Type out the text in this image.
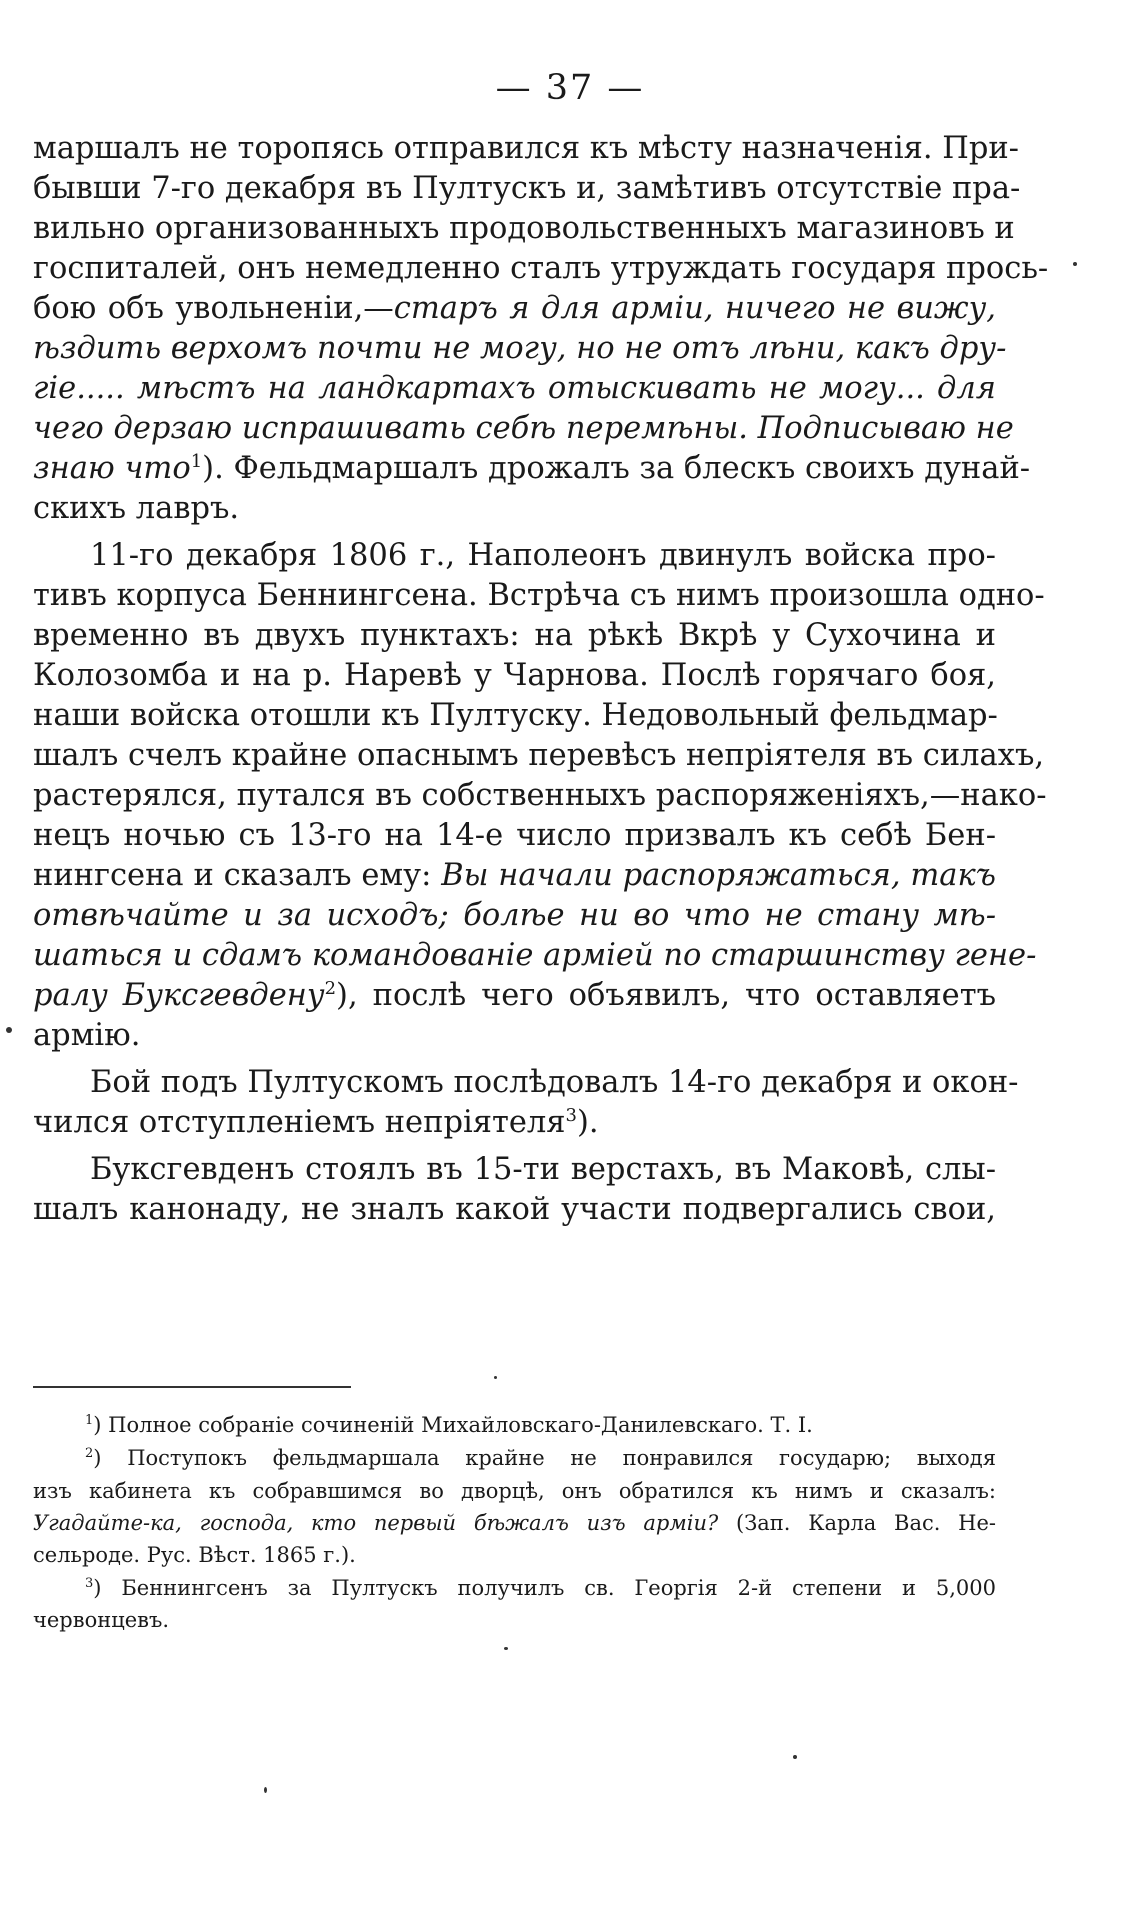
— 37 —
маршалъ не торопясь отправился къ мѣсту назначенія. При-
бывши 7-го декабря въ Пултускъ и, замѣтивъ отсутствіе пра-
вильно организованныхъ продовольственныхъ магазиновъ и
госпиталей, онъ немедленно сталъ утруждать государя прось-
бою объ увольненіи,—старъ я для арміи, ничего не вижу,
ѣздить верхомъ почти не могу, но не отъ лѣни, какъ дру-
гіе..... мѣстъ на ландкартахъ отыскивать не могу... для
чего дерзаю испрашивать себѣ перемѣны. Подписываю не
знаю что$^1$). Фельдмаршалъ дрожалъ за блескъ своихъ дунай-
скихъ лавръ.
11-го декабря 1806 г., Наполеонъ двинулъ войска про-
тивъ корпуса Беннингсена. Встрѣча съ нимъ произошла одно-
временно въ двухъ пунктахъ: на рѣкѣ Вкрѣ у Сухочина и
Колозомба и на р. Наревѣ у Чарнова. Послѣ горячаго боя,
наши войска отошли къ Пултуску. Недовольный фельдмар-
шалъ счелъ крайне опаснымъ перевѣсъ непріятеля въ силахъ,
растерялся, путался въ собственныхъ распоряженіяхъ,—нако-
нецъ ночью съ 13-го на 14-е число призвалъ къ себѣ Бен-
нингсена и сказалъ ему: Вы начали распоряжаться, такъ
отвѣчайте и за исходъ; болѣе ни во что не стану мѣ-
шаться и сдамъ командованіе арміей по старшинству гене-
ралу Буксгевдену$^2$), послѣ чего объявилъ, что оставляетъ
армію.
Бой подъ Пултускомъ послѣдовалъ 14-го декабря и окон-
чился отступленіемъ непріятеля$^3$).
Буксгевденъ стоялъ въ 15-ти верстахъ, въ Маковѣ, слы-
шалъ канонаду, не зналъ какой участи подвергались свои,
$^1$) Полное собраніе сочиненій Михайловскаго-Данилевскаго. Т. I.
$^2$) Поступокъ фельдмаршала крайне не понравился государю; выходя
изъ кабинета къ собравшимся во дворцѣ, онъ обратился къ нимъ и сказалъ:
Угадайте-ка, господа, кто первый бѣжалъ изъ арміи? (Зап. Карла Вас. Не-
сельроде. Рус. Вѣст. 1865 г.).
$^3$) Беннингсенъ за Пултускъ получилъ св. Георгія 2-й степени и 5,000
червонцевъ.
